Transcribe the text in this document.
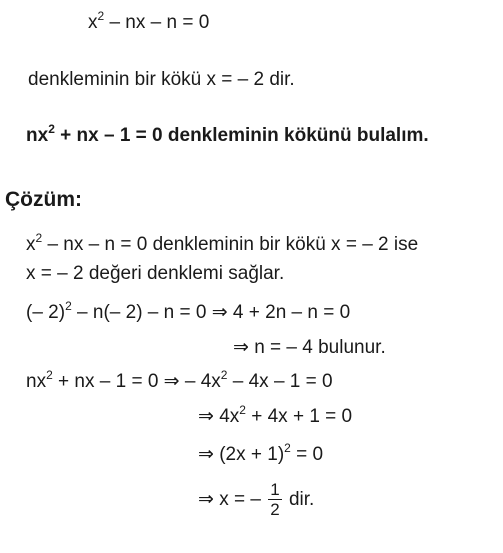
$x^2$ – nx – n = 0
denkleminin bir kökü x = – 2 dir.
$nx^2$ + nx – 1 = 0 denkleminin kökünü bulalım.
Çözüm:
$x^2$ – nx – n = 0 denkleminin bir kökü x = – 2 ise
x = – 2 değeri denklemi sağlar.
(– 2)$^2$ – n(– 2) – n = 0 ⇒ 4 + 2n – n = 0
⇒ n = – 4 bulunur.
$nx^2$ + nx – 1 = 0 ⇒ – $4x^2 - 4x - 1 = 0$
⇒ $4x^2 + 4x + 1 = 0$
⇒ $(2x + 1)^2 = 0$
⇒ x = – $\frac{1}{2}$ dir.
